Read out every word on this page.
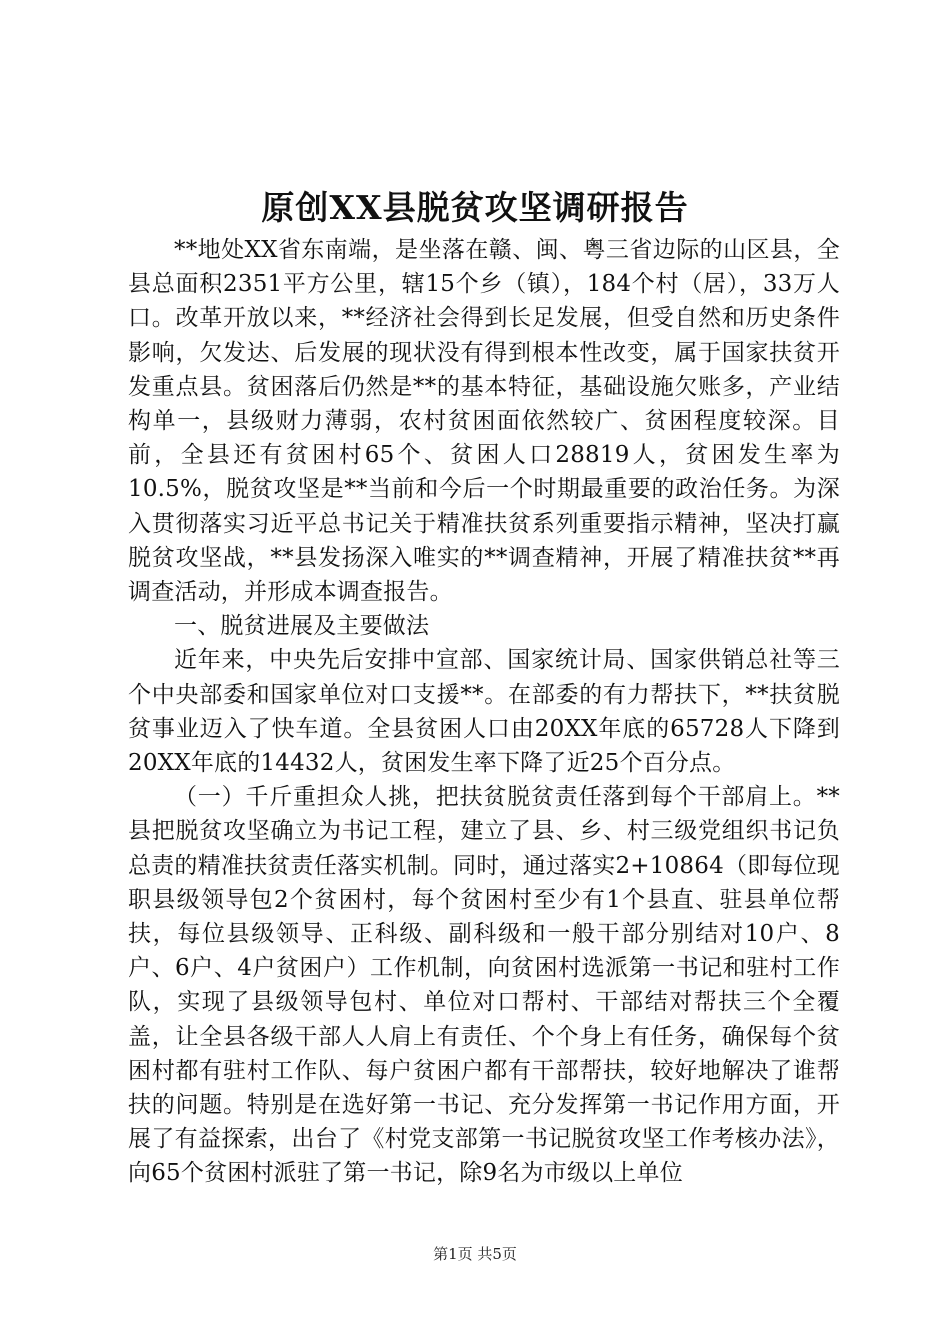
原创XX县脱贫攻坚调研报告

**地处XX省东南端，是坐落在赣、闽、粤三省边际的山区县，全县总面积2351平方公里，辖15个乡（镇），184个村（居），33万人口。改革开放以来，**经济社会得到长足发展，但受自然和历史条件影响，欠发达、后发展的现状没有得到根本性改变，属于国家扶贫开发重点县。贫困落后仍然是**的基本特征，基础设施欠账多，产业结构单一，县级财力薄弱，农村贫困面依然较广、贫困程度较深。目前，全县还有贫困村65个、贫困人口28819人，贫困发生率为10.5%，脱贫攻坚是**当前和今后一个时期最重要的政治任务。为深入贯彻落实习近平总书记关于精准扶贫系列重要指示精神，坚决打赢脱贫攻坚战，**县发扬深入唯实的**调查精神，开展了精准扶贫**再调查活动，并形成本调查报告。

一、脱贫进展及主要做法

近年来，中央先后安排中宣部、国家统计局、国家供销总社等三个中央部委和国家单位对口支援**。在部委的有力帮扶下，**扶贫脱贫事业迈入了快车道。全县贫困人口由20XX年底的65728人下降到20XX年底的14432人，贫困发生率下降了近25个百分点。

（一）千斤重担众人挑，把扶贫脱贫责任落到每个干部肩上。**县把脱贫攻坚确立为书记工程，建立了县、乡、村三级党组织书记负总责的精准扶贫责任落实机制。同时，通过落实2+10864（即每位现职县级领导包2个贫困村，每个贫困村至少有1个县直、驻县单位帮扶，每位县级领导、正科级、副科级和一般干部分别结对10户、8户、6户、4户贫困户）工作机制，向贫困村选派第一书记和驻村工作队，实现了县级领导包村、单位对口帮村、干部结对帮扶三个全覆盖，让全县各级干部人人肩上有责任、个个身上有任务，确保每个贫困村都有驻村工作队、每户贫困户都有干部帮扶，较好地解决了谁帮扶的问题。特别是在选好第一书记、充分发挥第一书记作用方面，开展了有益探索，出台了《村党支部第一书记脱贫攻坚工作考核办法》，向65个贫困村派驻了第一书记，除9名为市级以上单位

第1页 共5页
